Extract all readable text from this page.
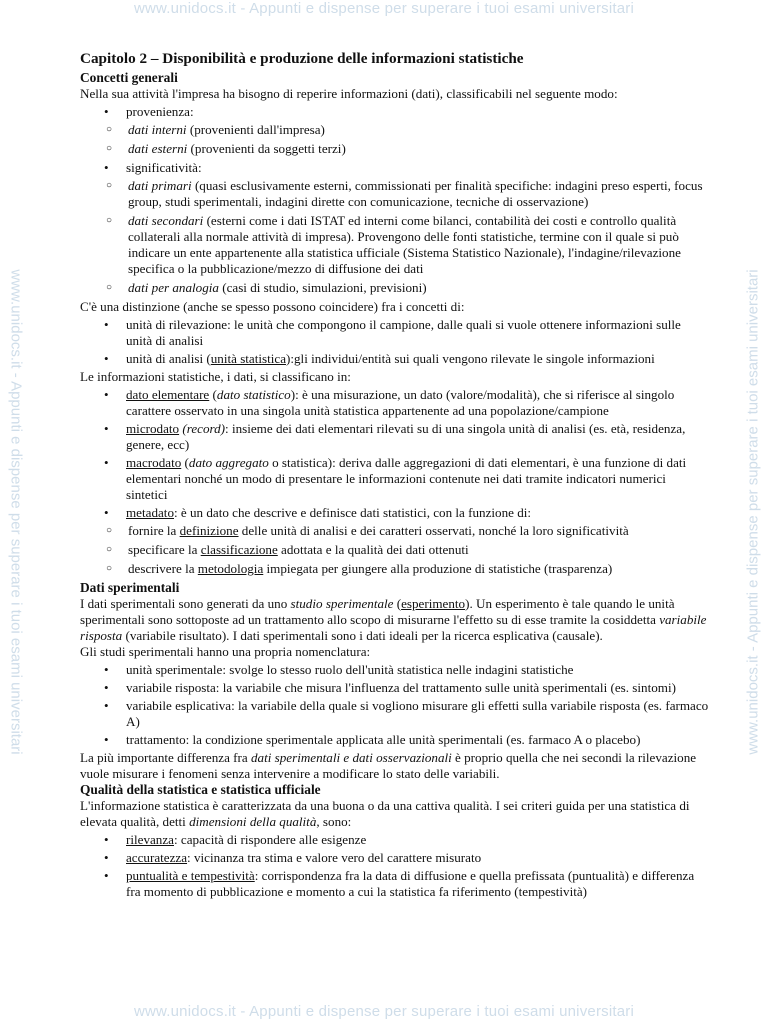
www.unidocs.it - Appunti e dispense per superare i tuoi esami universitari
www.unidocs.it - Appunti e dispense per superare i tuoi esami universitari
www.unidocs.it - Appunti e dispense per superare i tuoi esami universitari	www.unidocs.it - Appunti e dispense per superare i tuoi esami universitari
Capitolo 2 – Disponibilità e produzione delle informazioni statistiche
Concetti generali

Nella sua attività l'impresa ha bisogno di reperire informazioni (dati), classificabili nel seguente modo:

• provenienza:
○ dati interni (provenienti dall'impresa)
○ dati esterni (provenienti da soggetti terzi)
• significatività:
○ dati primari (quasi esclusivamente esterni, commissionati per finalità specifiche: indagini preso esperti, focus group, studi sperimentali, indagini dirette con comunicazione, tecniche di osservazione)
○ dati secondari (esterni come i dati ISTAT ed interni come bilanci, contabilità dei costi e controllo qualità collaterali alla normale attività di impresa). Provengono delle fonti statistiche, termine con il quale si può indicare un ente appartenente alla statistica ufficiale (Sistema Statistico Nazionale), l'indagine/rilevazione specifica o la pubblicazione/mezzo di diffusione dei dati
○ dati per analogia (casi di studio, simulazioni, previsioni)

C'è una distinzione (anche se spesso possono coincidere) fra i concetti di:

• unità di rilevazione: le unità che compongono il campione, dalle quali si vuole ottenere informazioni sulle unità di analisi
• unità di analisi (unità statistica):gli individui/entità sui quali vengono rilevate le singole informazioni

Le informazioni statistiche, i dati, si classificano in:

• dato elementare (dato statistico): è una misurazione, un dato (valore/modalità), che si riferisce al singolo carattere osservato in una singola unità statistica appartenente ad una popolazione/campione
• microdato (record): insieme dei dati elementari rilevati su di una singola unità di analisi (es. età, residenza, genere, ecc)
• macrodato (dato aggregato o statistica): deriva dalle aggregazioni di dati elementari, è una funzione di dati elementari nonché un modo di presentare le informazioni contenute nei dati tramite indicatori numerici sintetici
• metadato: è un dato che descrive e definisce dati statistici, con la funzione di:
○ fornire la definizione delle unità di analisi e dei caratteri osservati, nonché la loro significatività
○ specificare la classificazione adottata e la qualità dei dati ottenuti
○ descrivere la metodologia impiegata per giungere alla produzione di statistiche (trasparenza)
Dati sperimentali

I dati sperimentali sono generati da uno studio sperimentale (esperimento). Un esperimento è tale quando le unità sperimentali sono sottoposte ad un trattamento allo scopo di misurarne l'effetto su di esse tramite la cosiddetta variabile risposta (variabile risultato). I dati sperimentali sono i dati ideali per la ricerca esplicativa (causale).

Gli studi sperimentali hanno una propria nomenclatura:

• unità sperimentale: svolge lo stesso ruolo dell'unità statistica nelle indagini statistiche
• variabile risposta: la variabile che misura l'influenza del trattamento sulle unità sperimentali (es. sintomi)
• variabile esplicativa: la variabile della quale si vogliono misurare gli effetti sulla variabile risposta (es. farmaco A)
• trattamento: la condizione sperimentale applicata alle unità sperimentali (es. farmaco A o placebo)

La più importante differenza fra dati sperimentali e dati osservazionali è proprio quella che nei secondi la rilevazione vuole misurare i fenomeni senza intervenire a modificare lo stato delle variabili.

Qualità della statistica e statistica ufficiale

L'informazione statistica è caratterizzata da una buona o da una cattiva qualità. I sei criteri guida per una statistica di elevata qualità, detti dimensioni della qualità, sono:

• rilevanza: capacità di rispondere alle esigenze
• accuratezza: vicinanza tra stima e valore vero del carattere misurato
• puntualità e tempestività: corrispondenza fra la data di diffusione e quella prefissata (puntualità) e differenza fra momento di pubblicazione e momento a cui la statistica fa riferimento (tempestività)
